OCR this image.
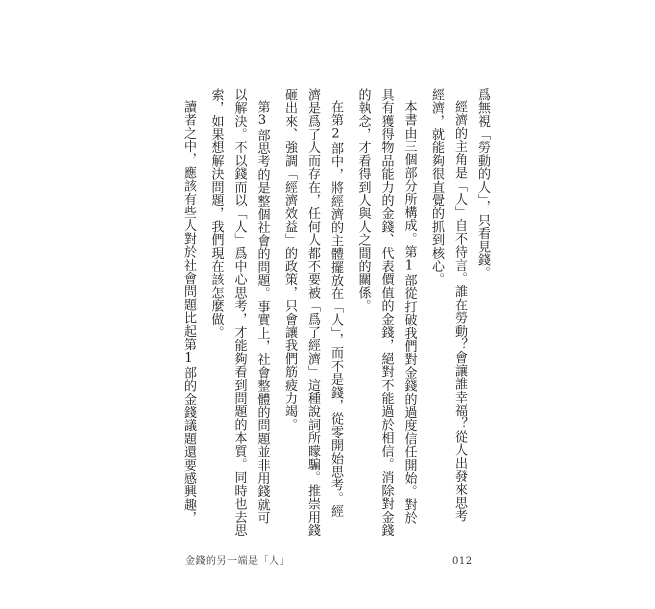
爲無視「勞動的人」，只看見錢。
經濟的主角是「人」自不待言。誰在勞動？會讓誰幸福？從人出發來思考
經濟，就能夠很直覺的抓到核心。
本書由三個部分所構成。第1部從打破我們對金錢的過度信任開始。對於
具有獲得物品能力的金錢、代表價值的金錢，絕對不能過於相信。消除對金錢
的執念，才看得到人與人之間的關係。
在第2部中，將經濟的主體擺放在「人」，而不是錢，從零開始思考。經
濟是爲了人而存在，任何人都不要被「爲了經濟」這種說詞所矇騙。推崇用錢
砸出來、強調「經濟效益」的政策，只會讓我們筋疲力竭。
第3部思考的是整個社會的問題。事實上，社會整體的問題並非用錢就可
以解決。不以錢而以「人」爲中心思考，才能夠看到問題的本質。同時也去思
索，如果想解決問題，我們現在該怎麼做。
讀者之中，應該有些人對於社會問題比起第1部的金錢議題還要感興趣，
金錢的另一端是「人」	012
